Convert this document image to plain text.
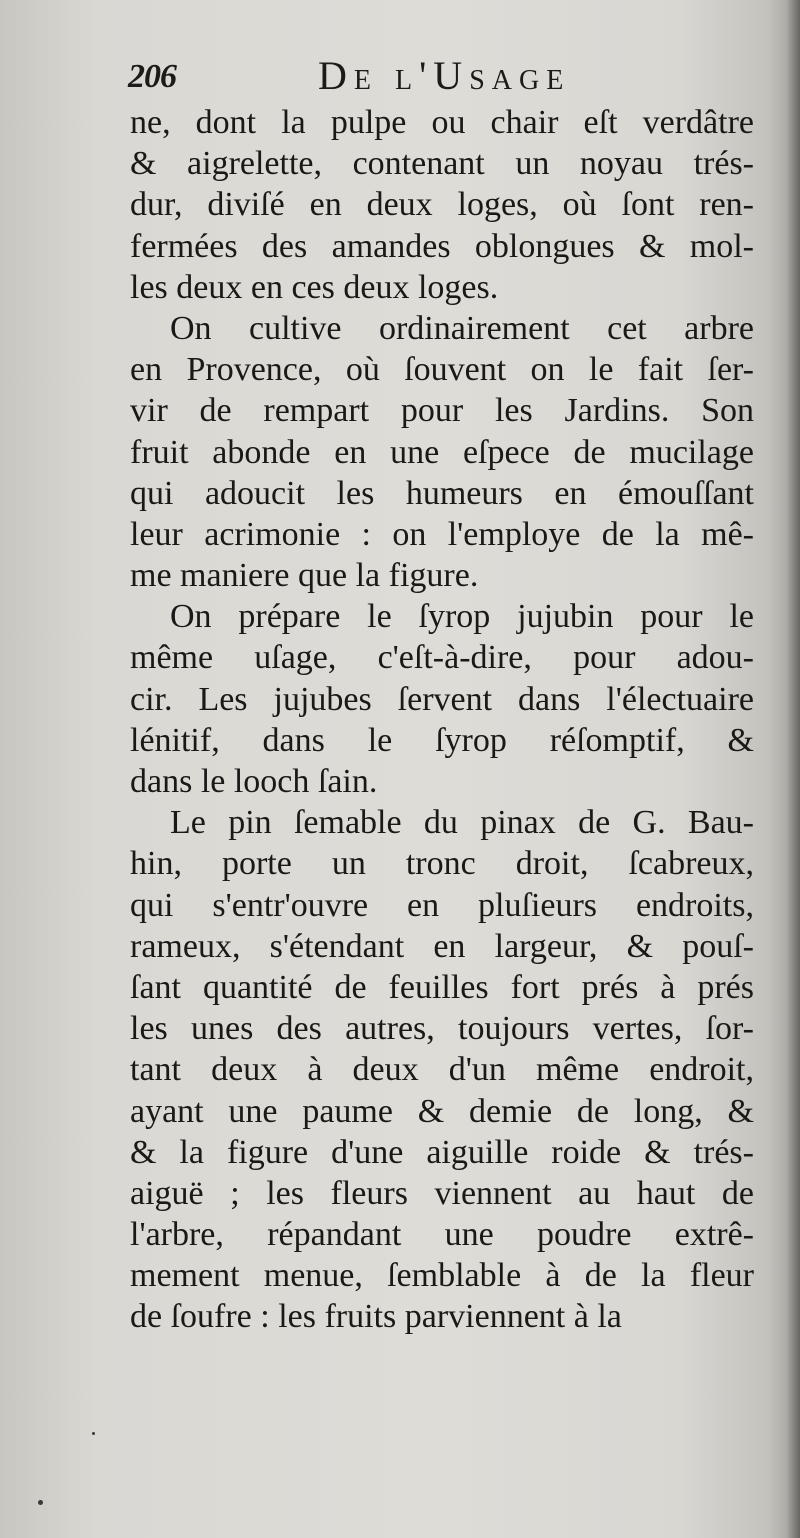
206	De l'Usage
ne, dont la pulpe ou chair eſt verdâtre
& aigrelette, contenant un noyau trés-
dur, diviſé en deux loges, où ſont ren-
fermées des amandes oblongues & mol-
les deux en ces deux loges.
On cultive ordinairement cet arbre
en Provence, où ſouvent on le fait ſer-
vir de rempart pour les Jardins. Son
fruit abonde en une eſpece de mucilage
qui adoucit les humeurs en émouſſant
leur acrimonie : on l'employe de la mê-
me maniere que la figure.
On prépare le ſyrop jujubin pour le
même uſage, c'eſt-à-dire, pour adou-
cir. Les jujubes ſervent dans l'électuaire
lénitif, dans le ſyrop réſomptif, &
dans le looch ſain.
Le pin ſemable du pinax de G. Bau-
hin, porte un tronc droit, ſcabreux,
qui s'entr'ouvre en pluſieurs endroits,
rameux, s'étendant en largeur, & pouſ-
ſant quantité de feuilles fort prés à prés
les unes des autres, toujours vertes, ſor-
tant deux à deux d'un même endroit,
ayant une paume & demie de long, &
& la figure d'une aiguille roide & trés-
aiguë ; les fleurs viennent au haut de
l'arbre, répandant une poudre extrê-
mement menue, ſemblable à de la fleur
de ſoufre : les fruits parviennent à la
